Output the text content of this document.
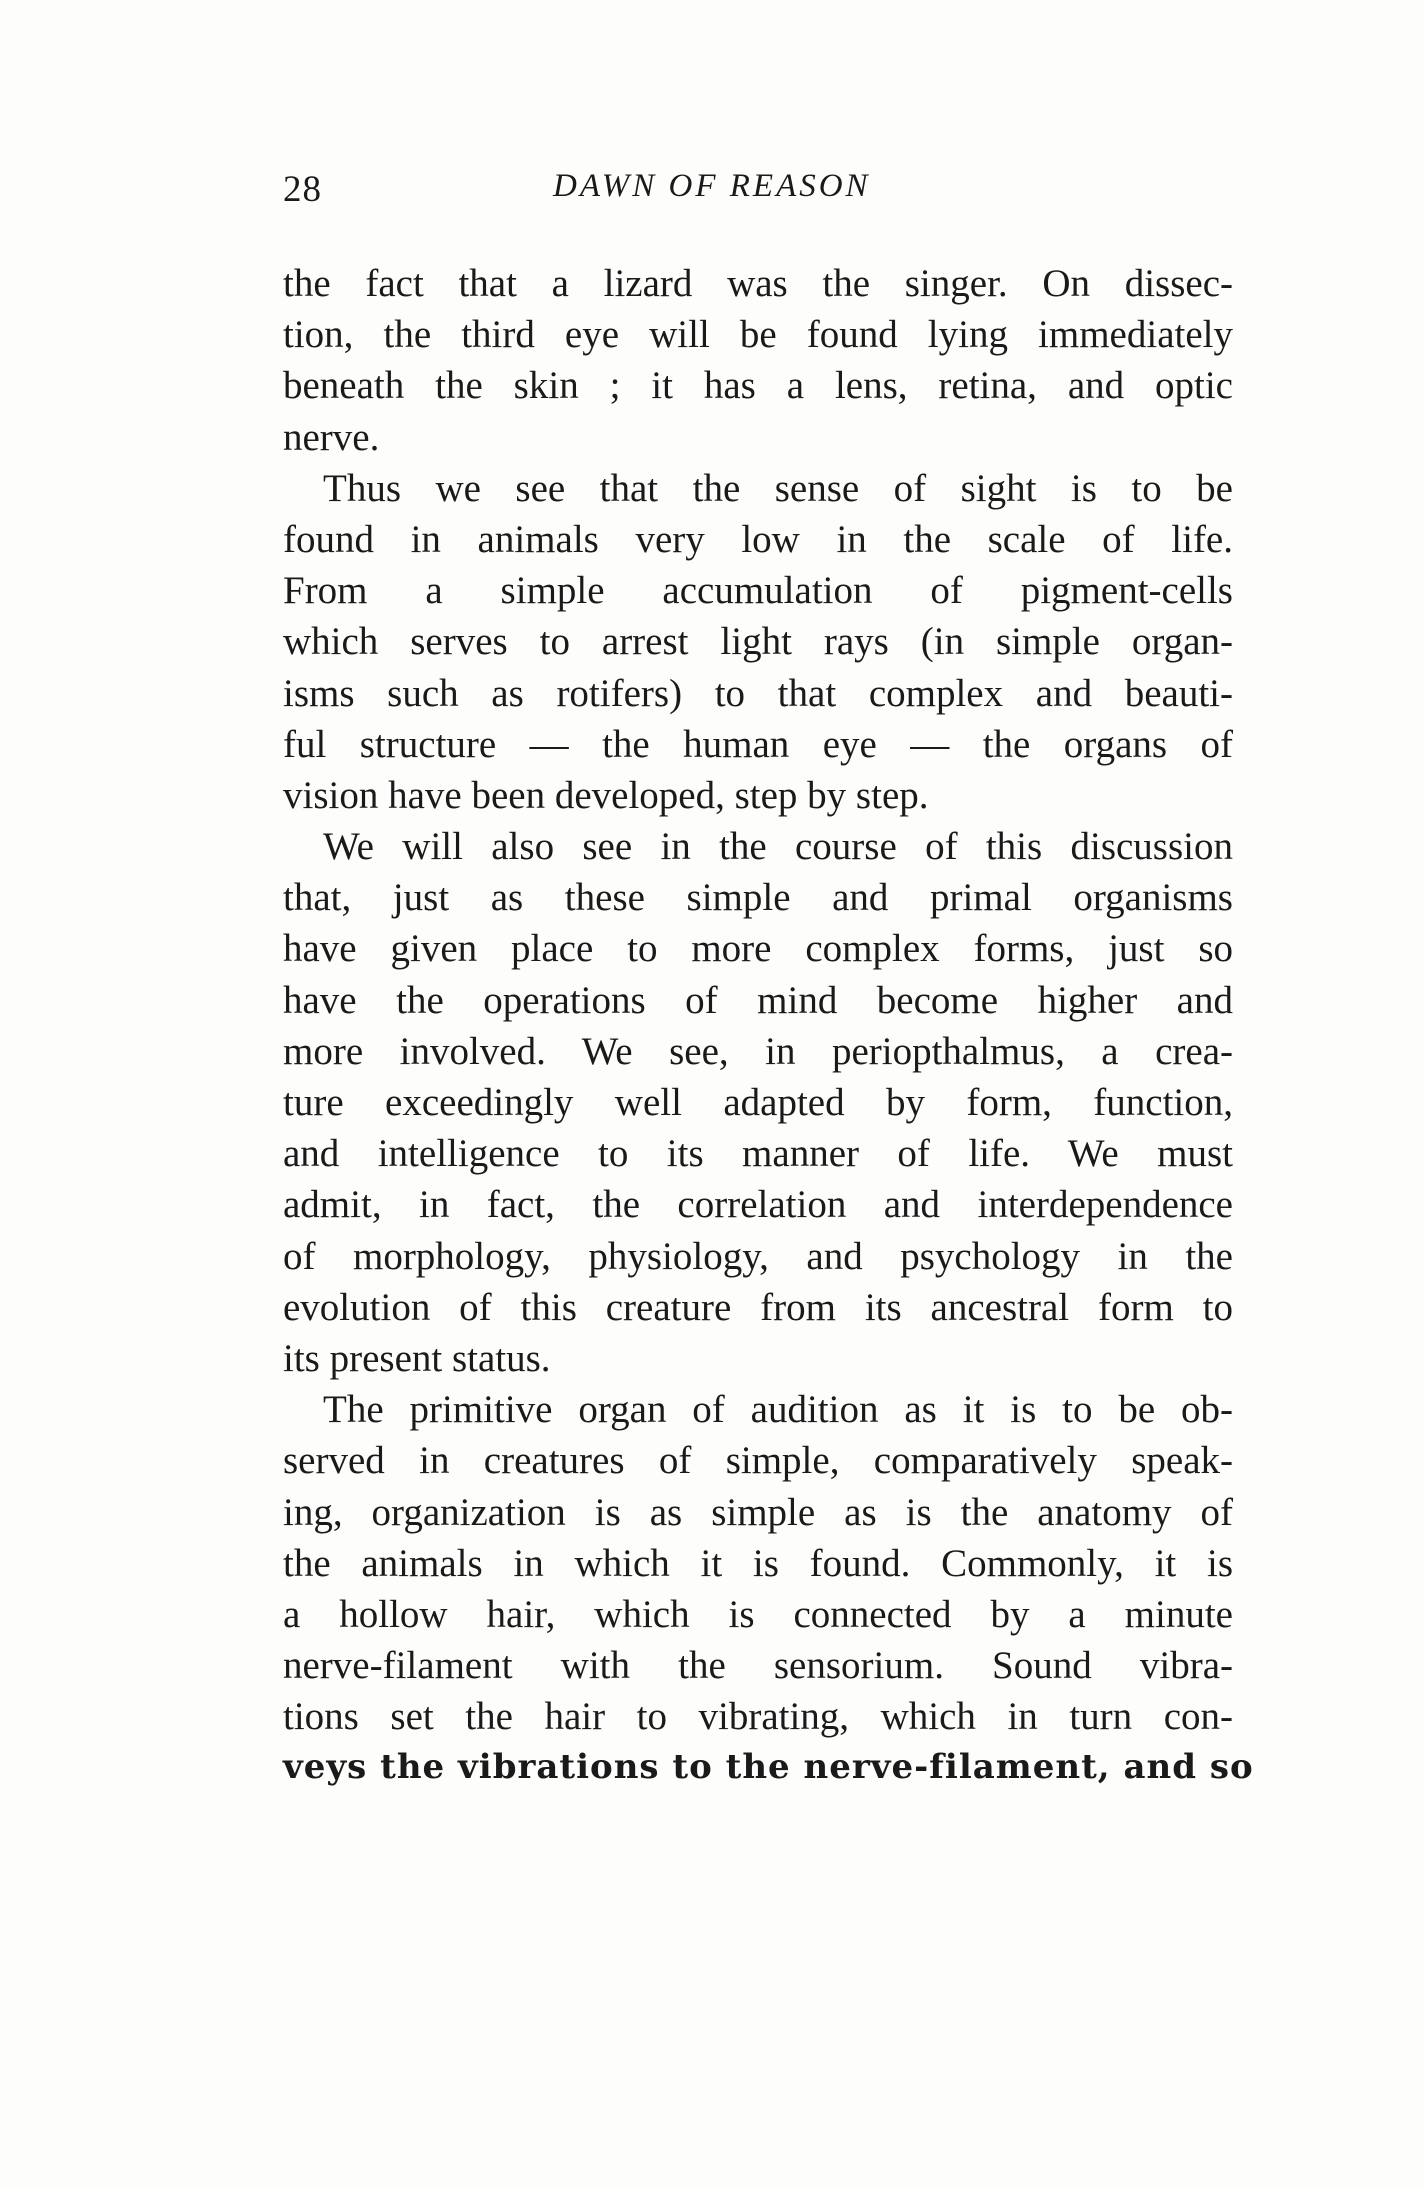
28	DAWN OF REASON
the fact that a lizard was the singer. On dissec-
tion, the third eye will be found lying immediately
beneath the skin ; it has a lens, retina, and optic
nerve.
Thus we see that the sense of sight is to be
found in animals very low in the scale of life.
From a simple accumulation of pigment-cells
which serves to arrest light rays (in simple organ-
isms such as rotifers) to that complex and beauti-
ful structure — the human eye — the organs of
vision have been developed, step by step.
We will also see in the course of this discussion
that, just as these simple and primal organisms
have given place to more complex forms, just so
have the operations of mind become higher and
more involved. We see, in periopthalmus, a crea-
ture exceedingly well adapted by form, function,
and intelligence to its manner of life. We must
admit, in fact, the correlation and interdependence
of morphology, physiology, and psychology in the
evolution of this creature from its ancestral form to
its present status.
The primitive organ of audition as it is to be ob-
served in creatures of simple, comparatively speak-
ing, organization is as simple as is the anatomy of
the animals in which it is found. Commonly, it is
a hollow hair, which is connected by a minute
nerve-filament with the sensorium. Sound vibra-
tions set the hair to vibrating, which in turn con-
veys the vibrations to the nerve-filament, and so
